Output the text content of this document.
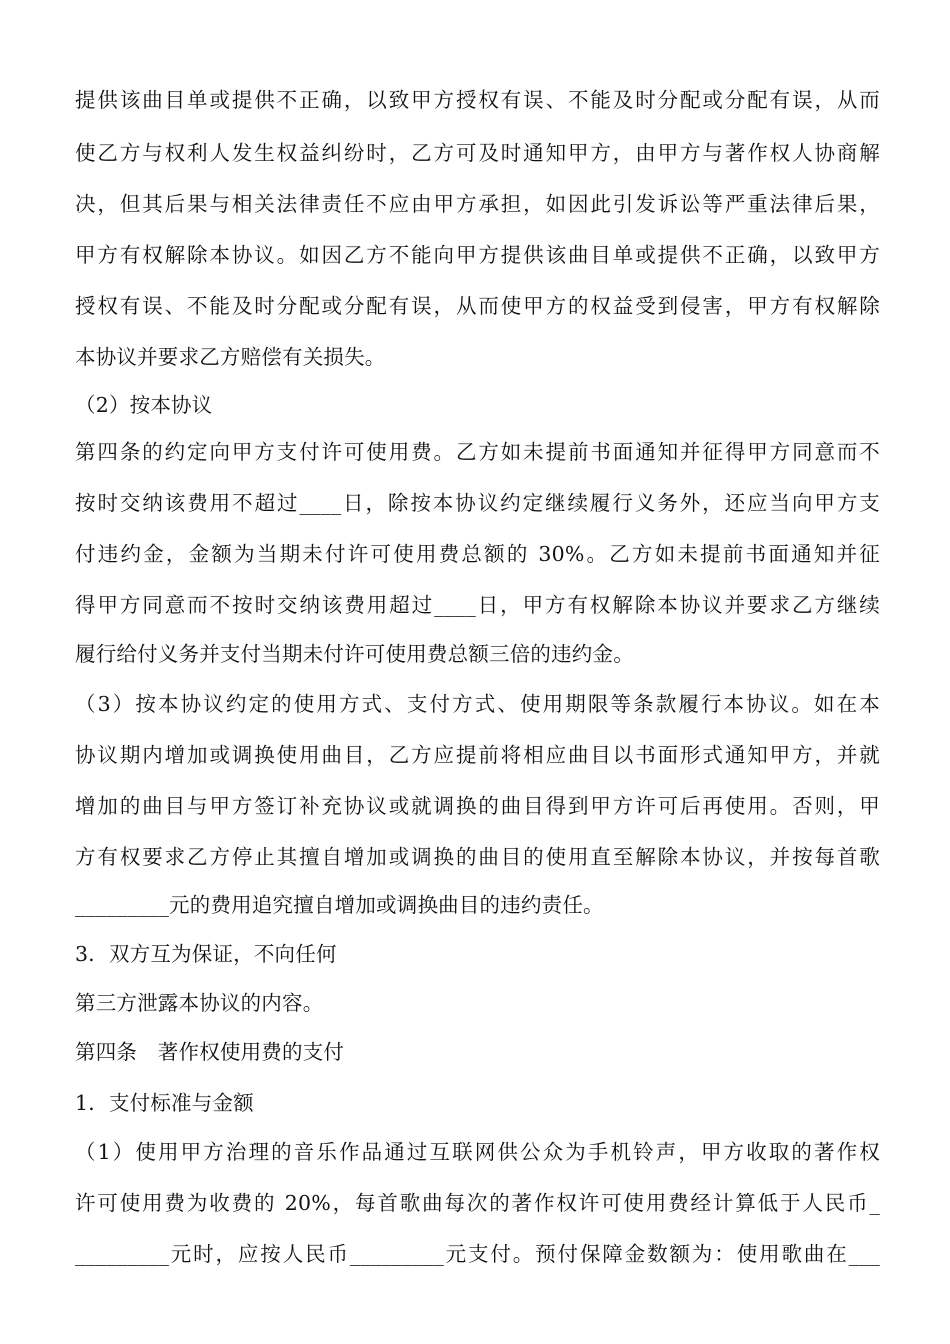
提供该曲目单或提供不正确，以致甲方授权有误、不能及时分配或分配有误，从而
使乙方与权利人发生权益纠纷时，乙方可及时通知甲方，由甲方与著作权人协商解
决，但其后果与相关法律责任不应由甲方承担，如因此引发诉讼等严重法律后果，
甲方有权解除本协议。如因乙方不能向甲方提供该曲目单或提供不正确，以致甲方
授权有误、不能及时分配或分配有误，从而使甲方的权益受到侵害，甲方有权解除
本协议并要求乙方赔偿有关损失。
（2）按本协议
第四条的约定向甲方支付许可使用费。乙方如未提前书面通知并征得甲方同意而不
按时交纳该费用不超过____日，除按本协议约定继续履行义务外，还应当向甲方支
付违约金，金额为当期未付许可使用费总额的 30%。乙方如未提前书面通知并征
得甲方同意而不按时交纳该费用超过____日，甲方有权解除本协议并要求乙方继续
履行给付义务并支付当期未付许可使用费总额三倍的违约金。
（3）按本协议约定的使用方式、支付方式、使用期限等条款履行本协议。如在本
协议期内增加或调换使用曲目，乙方应提前将相应曲目以书面形式通知甲方，并就
增加的曲目与甲方签订补充协议或就调换的曲目得到甲方许可后再使用。否则，甲
方有权要求乙方停止其擅自增加或调换的曲目的使用直至解除本协议，并按每首歌
_________元的费用追究擅自增加或调换曲目的违约责任。
3．双方互为保证，不向任何
第三方泄露本协议的内容。
第四条　著作权使用费的支付
1．支付标准与金额
（1）使用甲方治理的音乐作品通过互联网供公众为手机铃声，甲方收取的著作权
许可使用费为收费的 20%，每首歌曲每次的著作权许可使用费经计算低于人民币_
_________元时，应按人民币_________元支付。预付保障金数额为：使用歌曲在___
